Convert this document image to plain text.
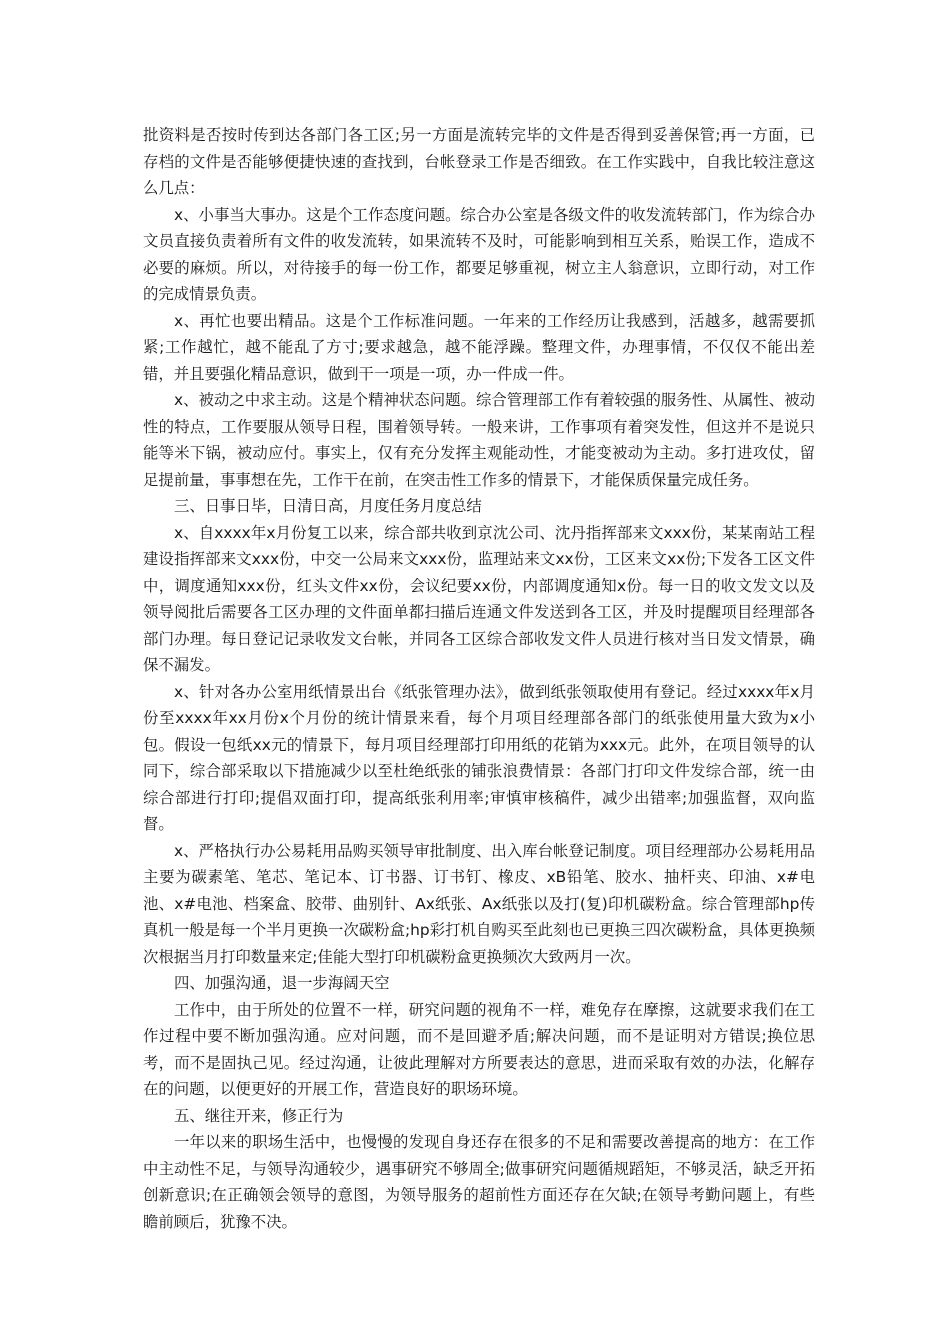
批资料是否按时传到达各部门各工区;另一方面是流转完毕的文件是否得到妥善保管;再一方面，已存档的文件是否能够便捷快速的查找到，台帐登录工作是否细致。在工作实践中，自我比较注意这么几点：

x、小事当大事办。这是个工作态度问题。综合办公室是各级文件的收发流转部门，作为综合办文员直接负责着所有文件的收发流转，如果流转不及时，可能影响到相互关系，贻误工作，造成不必要的麻烦。所以，对待接手的每一份工作，都要足够重视，树立主人翁意识，立即行动，对工作的完成情景负责。

x、再忙也要出精品。这是个工作标准问题。一年来的工作经历让我感到，活越多，越需要抓紧;工作越忙，越不能乱了方寸;要求越急，越不能浮躁。整理文件，办理事情，不仅仅不能出差错，并且要强化精品意识，做到干一项是一项，办一件成一件。

x、被动之中求主动。这是个精神状态问题。综合管理部工作有着较强的服务性、从属性、被动性的特点，工作要服从领导日程，围着领导转。一般来讲，工作事项有着突发性，但这并不是说只能等米下锅，被动应付。事实上，仅有充分发挥主观能动性，才能变被动为主动。多打进攻仗，留足提前量，事事想在先，工作干在前，在突击性工作多的情景下，才能保质保量完成任务。

三、日事日毕，日清日高，月度任务月度总结

x、自xxxx年x月份复工以来，综合部共收到京沈公司、沈丹指挥部来文xxx份，某某南站工程建设指挥部来文xxx份，中交一公局来文xxx份，监理站来文xx份，工区来文xx份;下发各工区文件中，调度通知xxx份，红头文件xx份，会议纪要xx份，内部调度通知x份。每一日的收文发文以及领导阅批后需要各工区办理的文件面单都扫描后连通文件发送到各工区，并及时提醒项目经理部各部门办理。每日登记记录收发文台帐，并同各工区综合部收发文件人员进行核对当日发文情景，确保不漏发。

x、针对各办公室用纸情景出台《纸张管理办法》，做到纸张领取使用有登记。经过xxxx年x月份至xxxx年xx月份x个月份的统计情景来看，每个月项目经理部各部门的纸张使用量大致为x小包。假设一包纸xx元的情景下，每月项目经理部打印用纸的花销为xxx元。此外，在项目领导的认同下，综合部采取以下措施减少以至杜绝纸张的铺张浪费情景：各部门打印文件发综合部，统一由综合部进行打印;提倡双面打印，提高纸张利用率;审慎审核稿件，减少出错率;加强监督，双向监督。

x、严格执行办公易耗用品购买领导审批制度、出入库台帐登记制度。项目经理部办公易耗用品主要为碳素笔、笔芯、笔记本、订书器、订书钉、橡皮、xB铅笔、胶水、抽杆夹、印油、x#电池、x#电池、档案盒、胶带、曲别针、Ax纸张、Ax纸张以及打(复)印机碳粉盒。综合管理部hp传真机一般是每一个半月更换一次碳粉盒;hp彩打机自购买至此刻也已更换三四次碳粉盒，具体更换频次根据当月打印数量来定;佳能大型打印机碳粉盒更换频次大致两月一次。

四、加强沟通，退一步海阔天空

工作中，由于所处的位置不一样，研究问题的视角不一样，难免存在摩擦，这就要求我们在工作过程中要不断加强沟通。应对问题，而不是回避矛盾;解决问题，而不是证明对方错误;换位思考，而不是固执己见。经过沟通，让彼此理解对方所要表达的意思，进而采取有效的办法，化解存在的问题，以便更好的开展工作，营造良好的职场环境。

五、继往开来，修正行为

一年以来的职场生活中，也慢慢的发现自身还存在很多的不足和需要改善提高的地方：在工作中主动性不足，与领导沟通较少，遇事研究不够周全;做事研究问题循规蹈矩，不够灵活，缺乏开拓创新意识;在正确领会领导的意图，为领导服务的超前性方面还存在欠缺;在领导考勤问题上，有些瞻前顾后，犹豫不决。
